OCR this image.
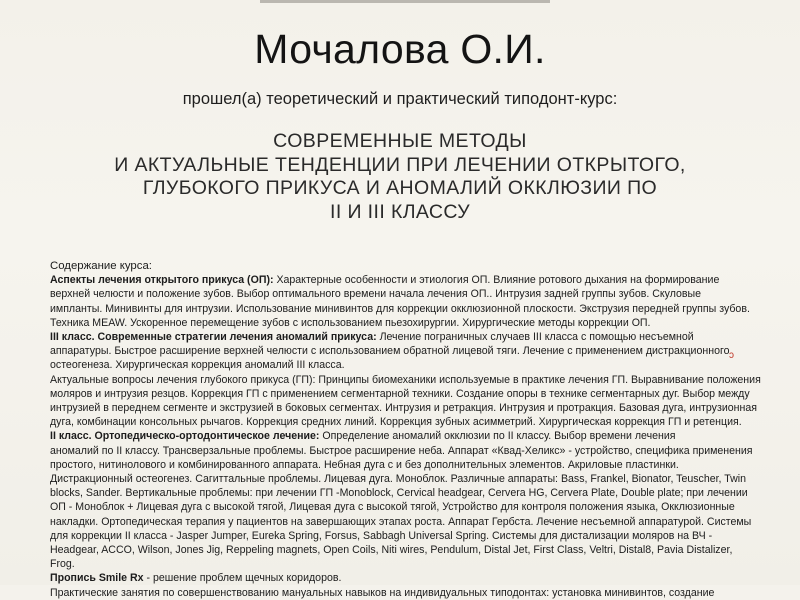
Мочалова О.И.
прошел(а) теоретический и практический типодонт-курс:
СОВРЕМЕННЫЕ МЕТОДЫ
И АКТУАЛЬНЫЕ ТЕНДЕНЦИИ ПРИ ЛЕЧЕНИИ ОТКРЫТОГО,
ГЛУБОКОГО ПРИКУСА И АНОМАЛИЙ ОККЛЮЗИИ ПО
II И III КЛАССУ
Содержание курса:
Аспекты лечения открытого прикуса (ОП): Характерные особенности и этиология ОП. Влияние ротового дыхания на формирование
верхней челюсти и положение зубов. Выбор оптимального времени начала лечения ОП.. Интрузия задней группы зубов. Скуловые
импланты. Минивинты для интрузии. Использование минивинтов для коррекции окклюзионной плоскости. Экструзия передней группы зубов.
Техника MEAW. Ускоренное перемещение зубов с использованием пьезохирургии. Хирургические методы коррекции ОП.
III класс. Современные стратегии лечения аномалий прикуса: Лечение пограничных случаев III класса с помощью несъемной
аппаратуры. Быстрое расширение верхней челюсти с использованием обратной лицевой тяги. Лечение с применением дистракционного
остеогенеза. Хирургическая коррекция аномалий III класса.
Актуальные вопросы лечения глубокого прикуса (ГП): Принципы биомеханики используемые в практике лечения ГП. Выравнивание положения
моляров и интрузия резцов. Коррекция ГП с применением сегментарной техники. Создание опоры в технике сегментарных дуг. Выбор между
интрузией в переднем сегменте и экструзией в боковых сегментах. Интрузия и ретракция. Интрузия и протракция. Базовая дуга, интрузионная
дуга, комбинации консольных рычагов. Коррекция средних линий. Коррекция зубных асимметрий. Хирургическая коррекция ГП и ретенция.
II класс. Ортопедическо-ортодонтическое лечение: Определение аномалий окклюзии по II классу. Выбор времени лечения
аномалий по II классу. Трансверзальные проблемы. Быстрое расширение неба. Аппарат «Квад-Хеликс» - устройство, специфика применения
простого, нитинолового и комбинированного аппарата. Небная дуга с и без дополнительных элементов. Акриловые пластинки.
Дистракционный остеогенез. Сагиттальные проблемы. Лицевая дуга. Моноблок. Различные аппараты: Bass, Frankel, Bionator, Teuscher, Twin
blocks, Sander. Вертикальные проблемы: при лечении ГП -Monoblock, Cervical headgear, Cervera HG, Cervera Plate, Double plate; при лечении
ОП - Моноблок + Лицевая дуга с высокой тягой, Лицевая дуга с высокой тягой, Устройство для контроля положения языка, Окклюзионные
накладки. Ортопедическая терапия у пациентов на завершающих этапах роста. Аппарат Гербста. Лечение несъемной аппаратурой. Системы
для коррекции II класса - Jasper Jumper, Eureka Spring, Forsus, Sabbagh Universal Spring. Системы для дистализации моляров на ВЧ -
Headgear, ACCO, Wilson, Jones Jig, Reppeling magnets, Open Coils, Niti wires, Pendulum, Distal Jet, First Class, Veltri, Distal8, Pavia Distalizer,
Frog.
Пропись Smile Rx - решение проблем щечных коридоров.
Практические занятия по совершенствованию мануальных навыков на индивидуальных типодонтах: установка минивинтов, создание
ↄ
